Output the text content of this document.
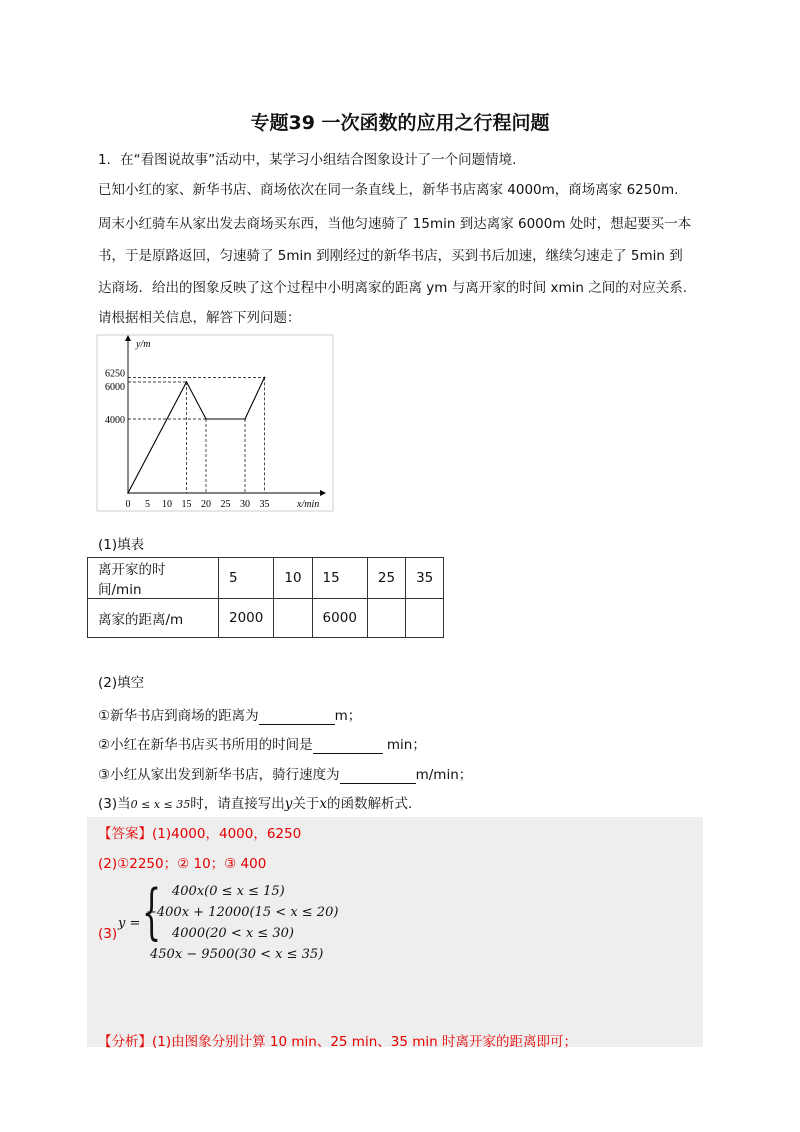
专题39 一次函数的应用之行程问题
1．在“看图说故事”活动中，某学习小组结合图象设计了一个问题情境.
已知小红的家、新华书店、商场依次在同一条直线上，新华书店离家 4000m，商场离家 6250m.
周末小红骑车从家出发去商场买东西，当他匀速骑了 15min 到达离家 6000m 处时，想起要买一本
书，于是原路返回，匀速骑了 5min 到刚经过的新华书店，买到书后加速，继续匀速走了 5min 到
达商场．给出的图象反映了这个过程中小明离家的距离 ym 与离开家的时间 xmin 之间的对应关系.
请根据相关信息，解答下列问题：
y/m
x/min
0 5 10 15 20 25 30 35
4000
6000
6250
(1)填表
离开家的时间/min	5	10	15	25	35
离家的距离/m	2000		6000		
(2)填空
①新华书店到商场的距离为	m；
②小红在新华书店买书所用的时间是	min；
③小红从家出发到新华书店，骑行速度为	m/min；
(3)当0 ≤ x ≤ 35时，请直接写出y关于x的函数解析式.
【答案】(1)4000，4000，6250
(2)①2250；② 10；③ 400
(3)
y = { 400x(0 ≤ x ≤ 15)
−400x + 12000(15 < x ≤ 20)
4000(20 < x ≤ 30)
450x − 9500(30 < x ≤ 35)
【分析】(1)由图象分别计算 10 min、25 min、35 min 时离开家的距离即可；
